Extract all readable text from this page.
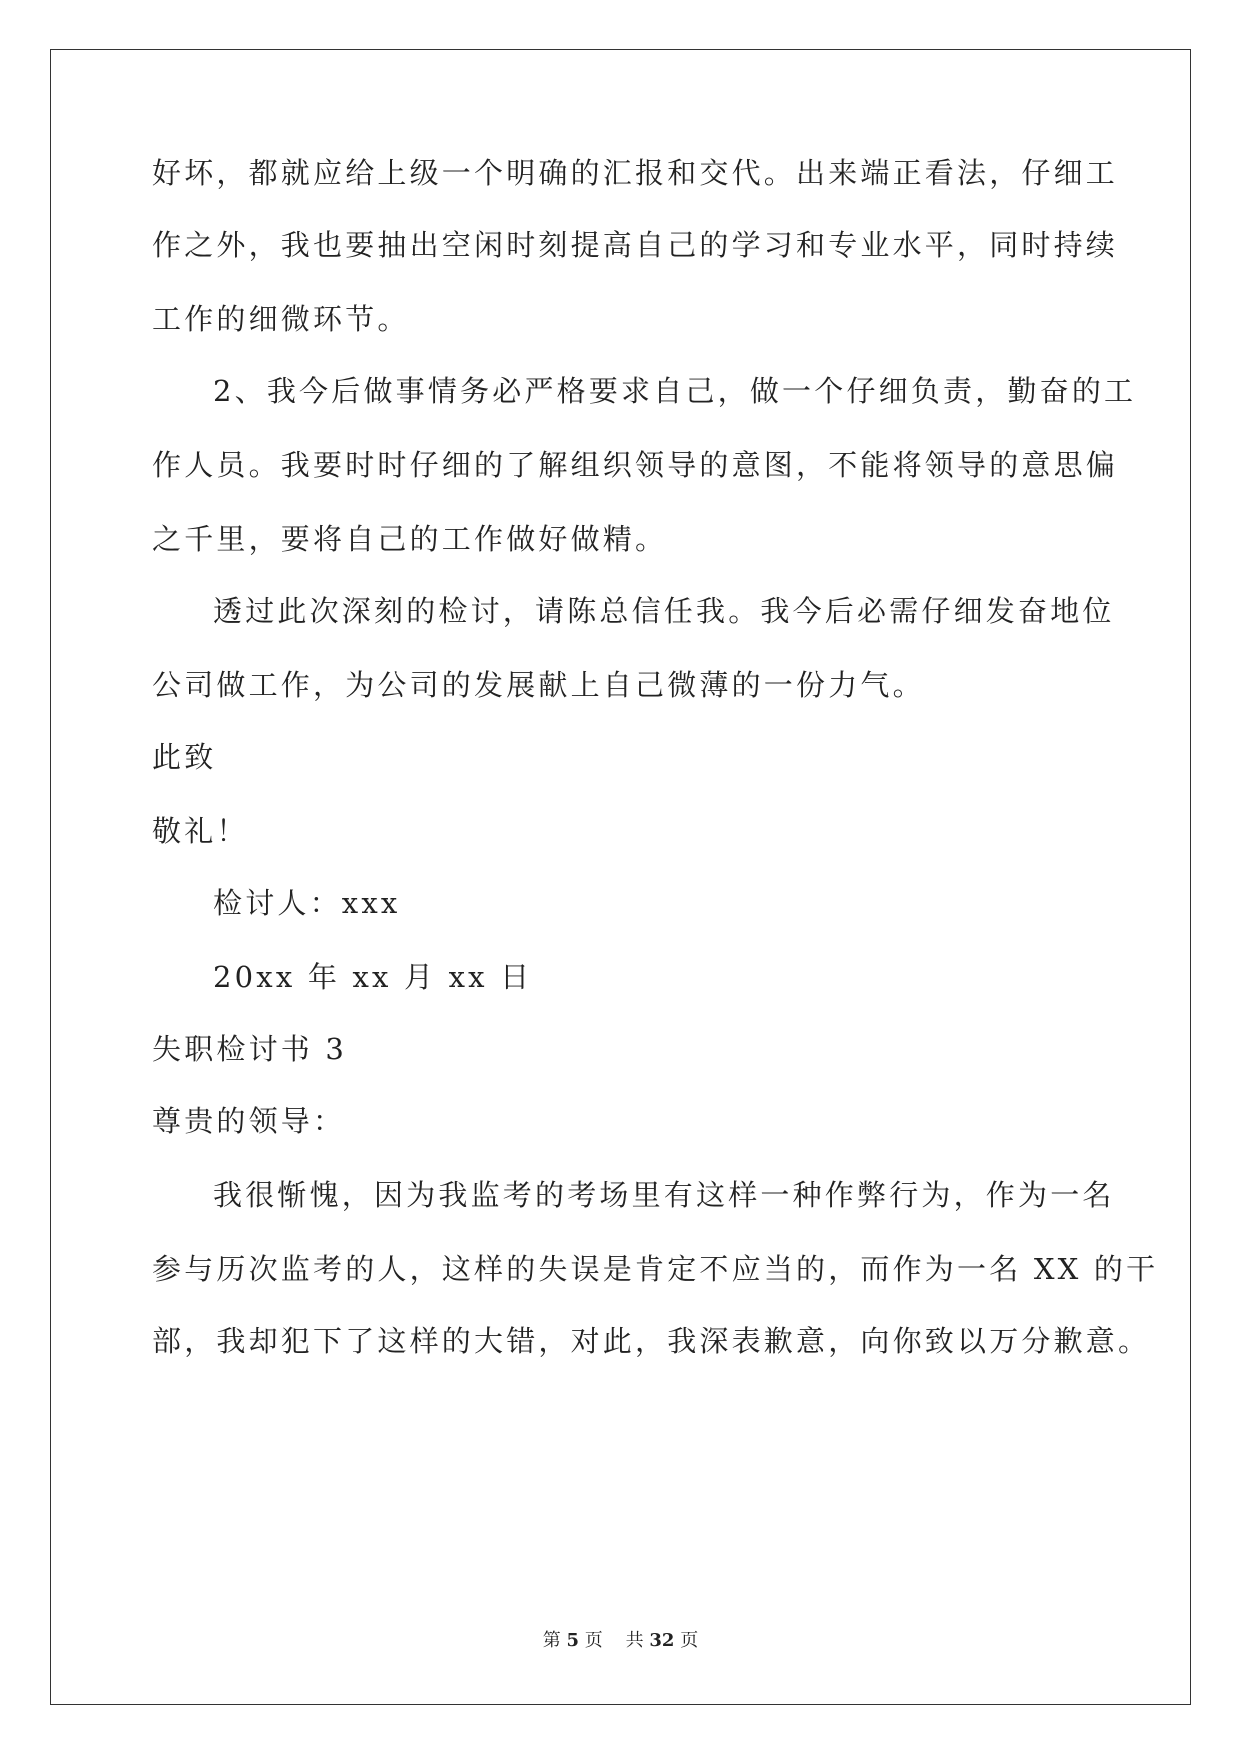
好坏，都就应给上级一个明确的汇报和交代。出来端正看法，仔细工
作之外，我也要抽出空闲时刻提高自己的学习和专业水平，同时持续
工作的细微环节。
2、我今后做事情务必严格要求自己，做一个仔细负责，勤奋的工
作人员。我要时时仔细的了解组织领导的意图，不能将领导的意思偏
之千里，要将自己的工作做好做精。
透过此次深刻的检讨，请陈总信任我。我今后必需仔细发奋地位
公司做工作，为公司的发展献上自己微薄的一份力气。
此致
敬礼！
检讨人：xxx
20xx 年 xx 月 xx 日
失职检讨书 3
尊贵的领导：
我很惭愧，因为我监考的考场里有这样一种作弊行为，作为一名
参与历次监考的人，这样的失误是肯定不应当的，而作为一名 XX 的干
部，我却犯下了这样的大错，对此，我深表歉意，向你致以万分歉意。
第 5 页 共 32 页
